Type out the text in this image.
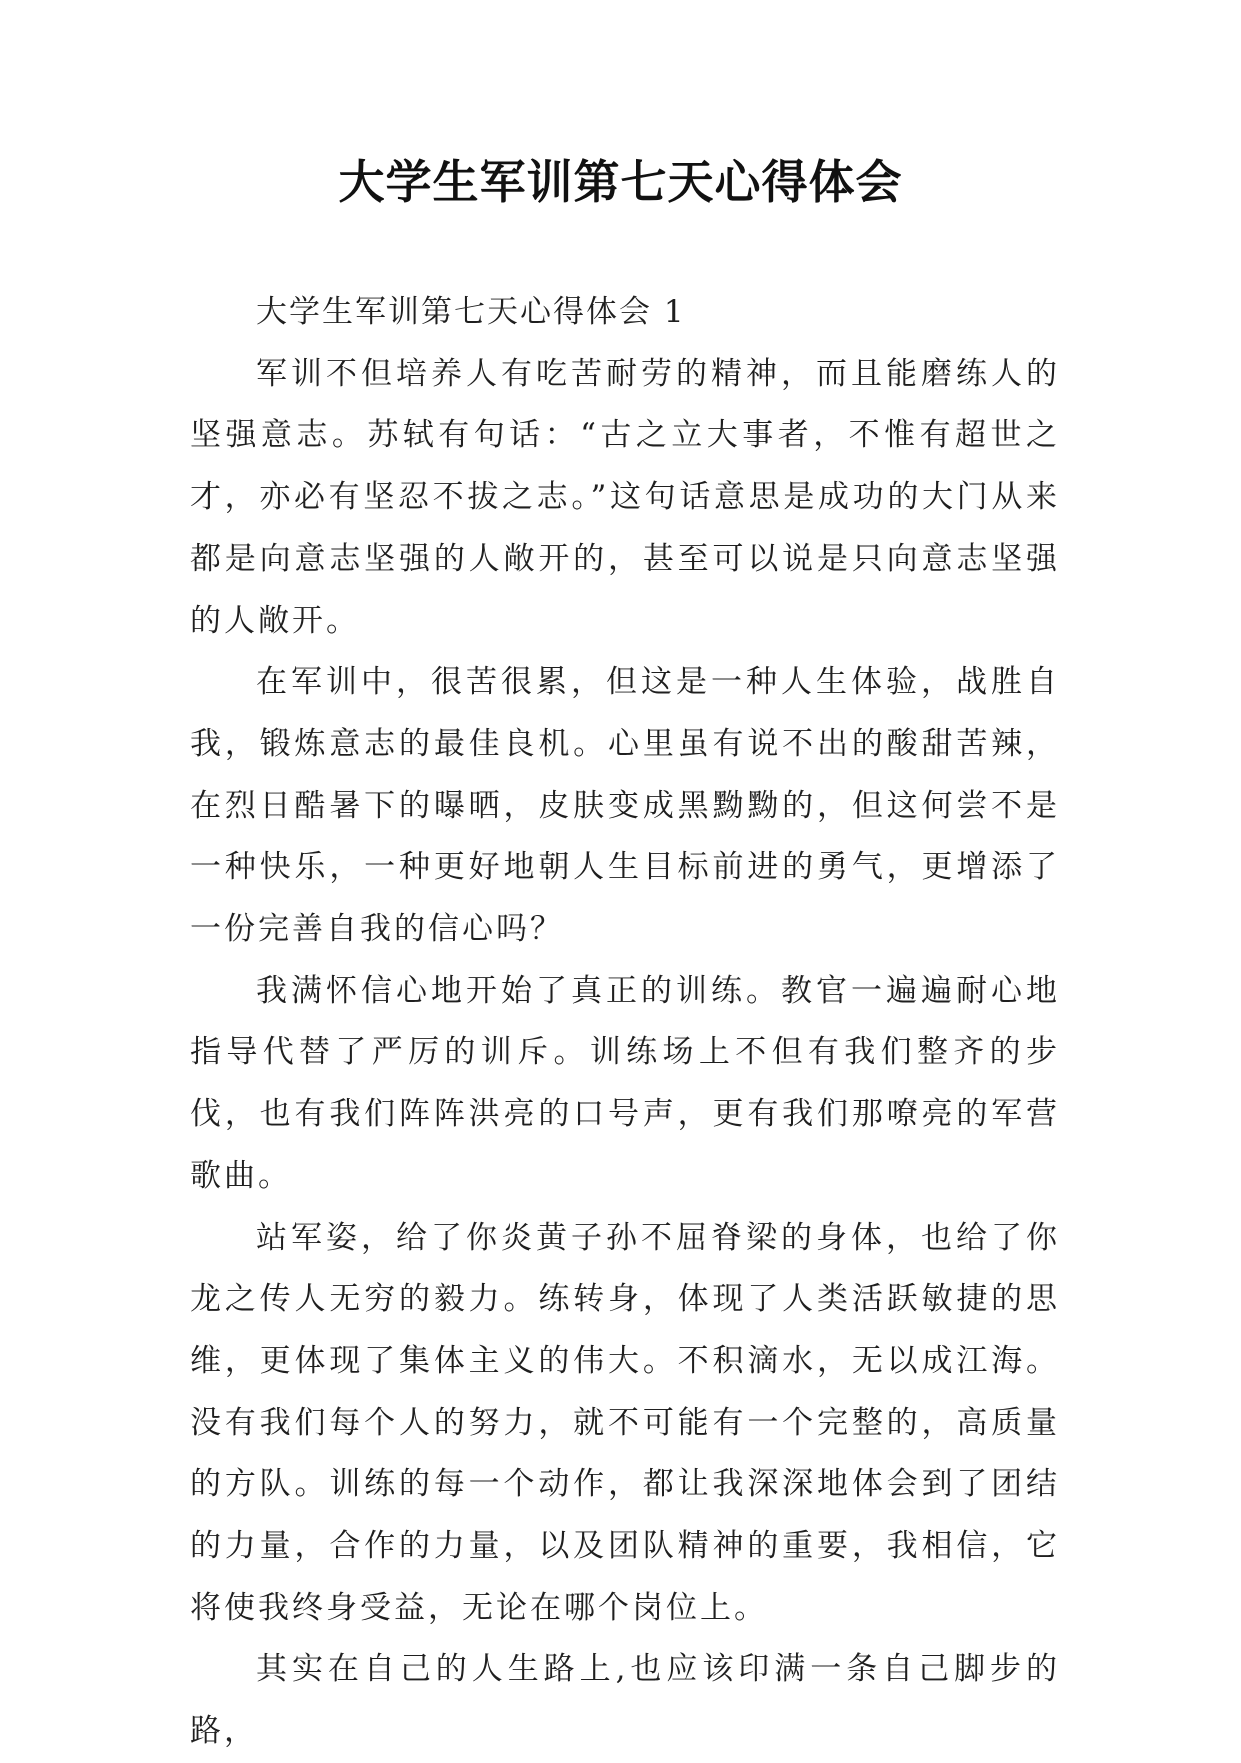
大学生军训第七天心得体会

大学生军训第七天心得体会 1

军训不但培养人有吃苦耐劳的精神，而且能磨练人的坚强意志。苏轼有句话：“古之立大事者，不惟有超世之才，亦必有坚忍不拔之志。”这句话意思是成功的大门从来都是向意志坚强的人敞开的，甚至可以说是只向意志坚强的人敞开。

在军训中，很苦很累，但这是一种人生体验，战胜自我，锻炼意志的最佳良机。心里虽有说不出的酸甜苦辣，在烈日酷暑下的曝晒，皮肤变成黑黝黝的，但这何尝不是一种快乐，一种更好地朝人生目标前进的勇气，更增添了一份完善自我的信心吗？

我满怀信心地开始了真正的训练。教官一遍遍耐心地指导代替了严厉的训斥。训练场上不但有我们整齐的步伐，也有我们阵阵洪亮的口号声，更有我们那嘹亮的军营歌曲。

站军姿，给了你炎黄子孙不屈脊梁的身体，也给了你龙之传人无穷的毅力。练转身，体现了人类活跃敏捷的思维，更体现了集体主义的伟大。不积滴水，无以成江海。没有我们每个人的努力，就不可能有一个完整的，高质量的方队。训练的每一个动作，都让我深深地体会到了团结的力量，合作的力量，以及团队精神的重要，我相信，它将使我终身受益，无论在哪个岗位上。

其实在自己的人生路上,也应该印满一条自己脚步的路，
